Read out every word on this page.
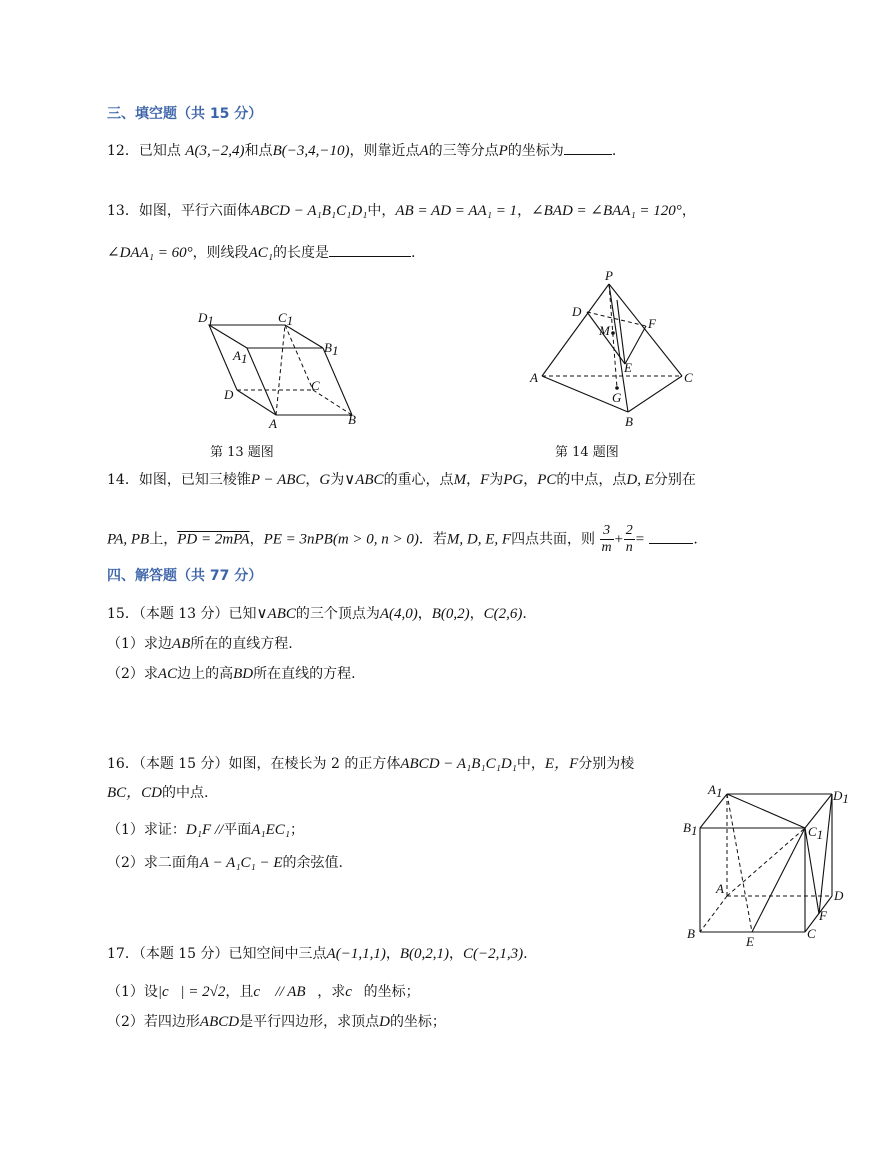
三、填空题（共 15 分）
12．已知点 A(3,−2,4)和点B(−3,4,−10)，则靠近点A的三等分点P的坐标为	.
13．如图，平行六面体ABCD − A₁B₁C₁D₁中，AB = AD = AA₁ = 1，∠BAD = ∠BAA₁ = 120°，
∠DAA₁ = 60°，则线段AC₁的长度是	.
D1	C1
A1
B1
C
D
A	B
第 13 题图
P
D
M	F
E
A	C
G
B
第 14 题图
14．如图，已知三棱锥P − ABC，G为∨ABC的重心，点M，F为PG，PC的中点，点D, E分别在
PA, PB上，PD = 2mPA，PE = 3nPB(m > 0, n > 0)．若M, D, E, F四点共面，则 $\frac{3}{m} + \frac{2}{n}$ =	.
四、解答题（共 77 分）
15．（本题 13 分）已知∨ABC的三个顶点为A(4,0)，B(0,2)，C(2,6).
（1）求边AB所在的直线方程.
（2）求AC边上的高BD所在直线的方程.
16．（本题 15 分）如图，在棱长为 2 的正方体ABCD − A₁B₁C₁D₁中，E，F分别为棱
BC，CD的中点.
（1）求证：D₁F //平面A₁EC₁；
（2）求二面角A − A₁C₁ − E的余弦值.
A1	D1
B1	C1
A	D
F
B
E
C
17．（本题 15 分）已知空间中三点A(−1,1,1)，B(0,2,1)，C(−2,1,3).
（1）设|c⃗| = 2√2，且c⃗ // AB⃗，求c⃗的坐标；
（2）若四边形ABCD是平行四边形，求顶点D的坐标；
